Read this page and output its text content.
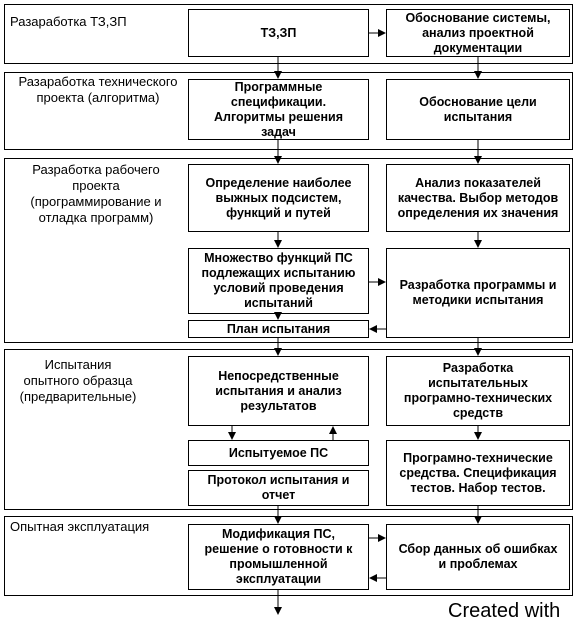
Разаработка ТЗ,ЗП
Разаработка технического проекта (алгоритма)
Разработка рабочего проекта (программирование и отладка программ)
Испытания опытного образца (предварительные)
Опытная эксплуатация
ТЗ,ЗП
Обоснование системы, анализ проектной документации
Программные спецификации. Алгоритмы решения задач
Обоснование цели испытания
Определение наиболее выжных подсистем, функций и путей
Анализ показателей качества. Выбор методов определения их значения
Множество функций ПС подлежащих испытанию условий проведения испытаний
Разработка программы и методики испытания
План испытания
Непосредственные испытания и анализ результатов
Разработка испытательных програмно-технических средств
Испытуемое ПС	Програмно-технические средства. Спецификация тестов. Набор тестов.
Протокол испытания и отчет
Модификация ПС, решение о готовности к промышленной эксплуатации
Сбор данных об ошибках и проблемах
Created with
